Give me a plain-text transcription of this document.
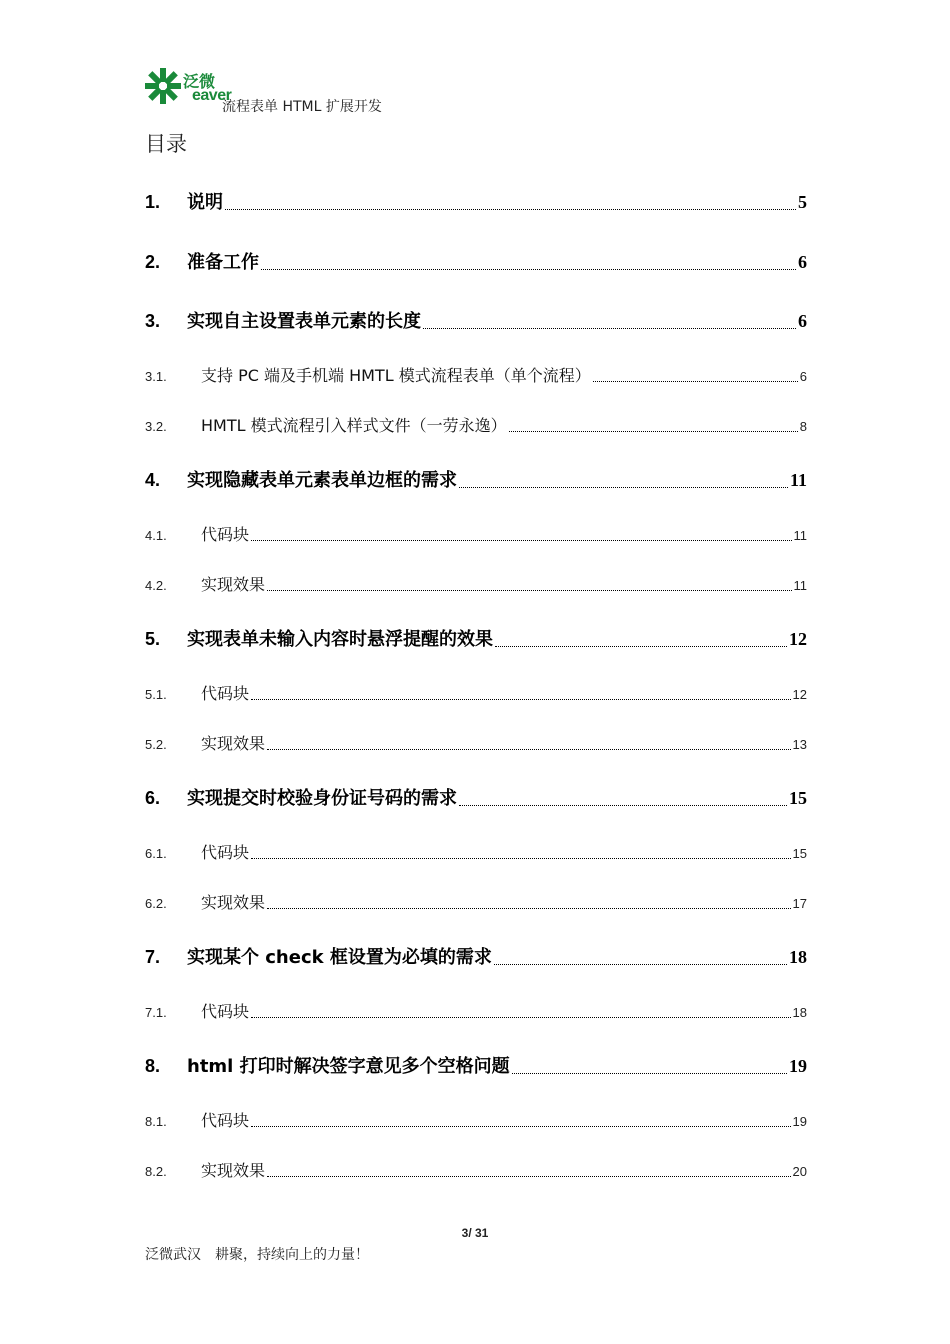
泛微
eaver
流程表单 HTML 扩展开发
目录
1.	说明	5
2.	准备工作	6
3.	实现自主设置表单元素的长度	6
3.1.	支持 PC 端及手机端 HMTL 模式流程表单（单个流程）	6
3.2.	HMTL 模式流程引入样式文件（一劳永逸）	8
4.	实现隐藏表单元素表单边框的需求	11
4.1.	代码块	11
4.2.	实现效果	11
5.	实现表单未输入内容时悬浮提醒的效果	12
5.1.	代码块	12
5.2.	实现效果	13
6.	实现提交时校验身份证号码的需求	15
6.1.	代码块	15
6.2.	实现效果	17
7.	实现某个 check 框设置为必填的需求	18
7.1.	代码块	18
8.	html 打印时解决签字意见多个空格问题	19
8.1.	代码块	19
8.2.	实现效果	20
3/ 31
泛微武汉　耕聚，持续向上的力量！
